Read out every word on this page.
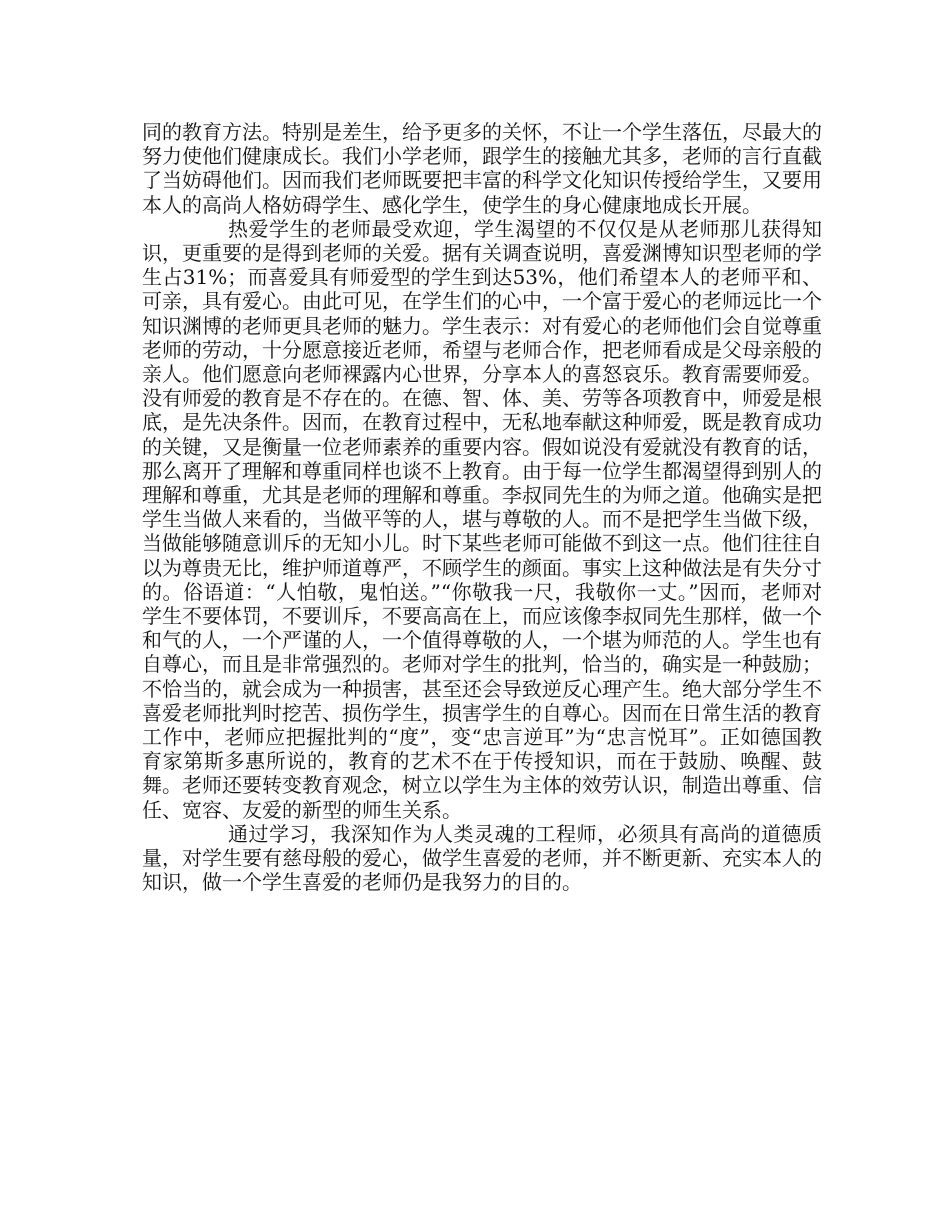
同的教育方法。特别是差生，给予更多的关怀，不让一个学生落伍，尽最大的努力使他们健康成长。我们小学老师，跟学生的接触尤其多，老师的言行直截了当妨碍他们。因而我们老师既要把丰富的科学文化知识传授给学生，又要用本人的高尚人格妨碍学生、感化学生，使学生的身心健康地成长开展。

热爱学生的老师最受欢迎，学生渴望的不仅仅是从老师那儿获得知识，更重要的是得到老师的关爱。据有关调查说明，喜爱渊博知识型老师的学生占31%；而喜爱具有师爱型的学生到达53%，他们希望本人的老师平和、可亲，具有爱心。由此可见，在学生们的心中，一个富于爱心的老师远比一个知识渊博的老师更具老师的魅力。学生表示：对有爱心的老师他们会自觉尊重老师的劳动，十分愿意接近老师，希望与老师合作，把老师看成是父母亲般的亲人。他们愿意向老师裸露内心世界，分享本人的喜怒哀乐。教育需要师爱。没有师爱的教育是不存在的。在德、智、体、美、劳等各项教育中，师爱是根底，是先决条件。因而，在教育过程中，无私地奉献这种师爱，既是教育成功的关键，又是衡量一位老师素养的重要内容。假如说没有爱就没有教育的话，那么离开了理解和尊重同样也谈不上教育。由于每一位学生都渴望得到别人的理解和尊重，尤其是老师的理解和尊重。李叔同先生的为师之道。他确实是把学生当做人来看的，当做平等的人，堪与尊敬的人。而不是把学生当做下级，当做能够随意训斥的无知小儿。时下某些老师可能做不到这一点。他们往往自以为尊贵无比，维护师道尊严，不顾学生的颜面。事实上这种做法是有失分寸的。俗语道：“人怕敬，鬼怕送。”“你敬我一尺，我敬你一丈。”因而，老师对学生不要体罚，不要训斥，不要高高在上，而应该像李叔同先生那样，做一个和气的人，一个严谨的人，一个值得尊敬的人，一个堪为师范的人。学生也有自尊心，而且是非常强烈的。老师对学生的批判，恰当的，确实是一种鼓励；不恰当的，就会成为一种损害，甚至还会导致逆反心理产生。绝大部分学生不喜爱老师批判时挖苦、损伤学生，损害学生的自尊心。因而在日常生活的教育工作中，老师应把握批判的“度”，变“忠言逆耳”为“忠言悦耳”。正如德国教育家第斯多惠所说的，教育的艺术不在于传授知识，而在于鼓励、唤醒、鼓舞。老师还要转变教育观念，树立以学生为主体的效劳认识，制造出尊重、信任、宽容、友爱的新型的师生关系。

通过学习，我深知作为人类灵魂的工程师，必须具有高尚的道德质量，对学生要有慈母般的爱心，做学生喜爱的老师，并不断更新、充实本人的知识，做一个学生喜爱的老师仍是我努力的目的。
